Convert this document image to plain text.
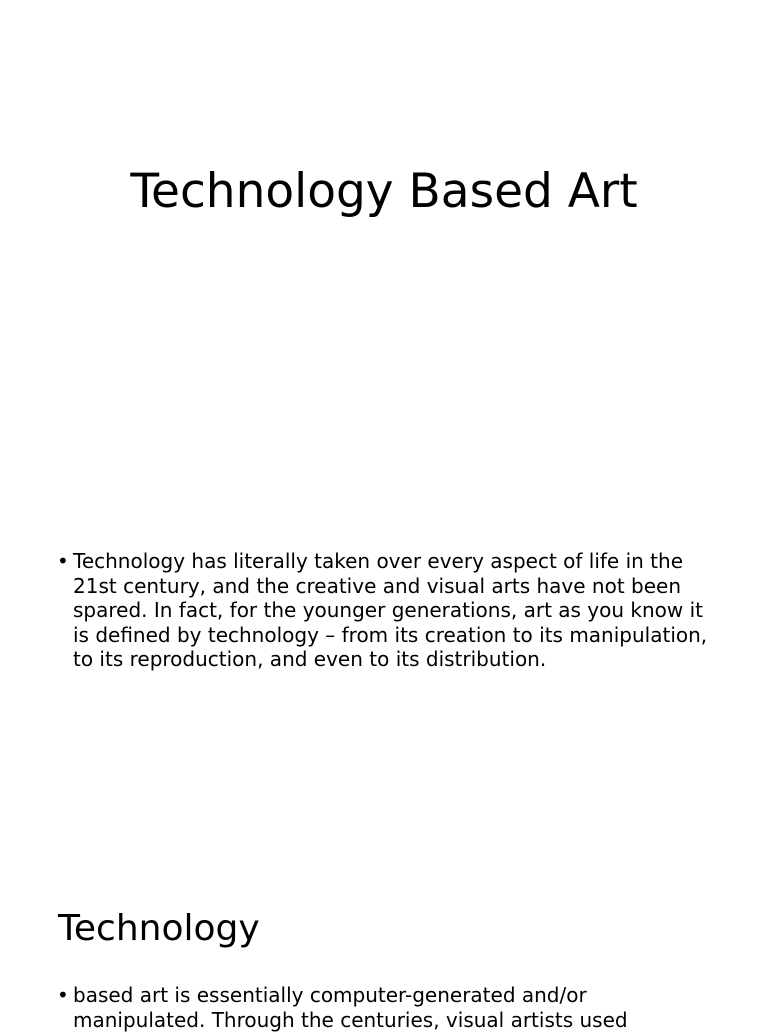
Technology Based Art
• Technology has literally taken over every aspect of life in the 21st century, and the creative and visual arts have not been spared. In fact, for the younger generations, art as you know it is defined by technology – from its creation to its manipulation, to its reproduction, and even to its distribution.
Technology
• based art is essentially computer-generated and/or manipulated. Through the centuries, visual artists used
